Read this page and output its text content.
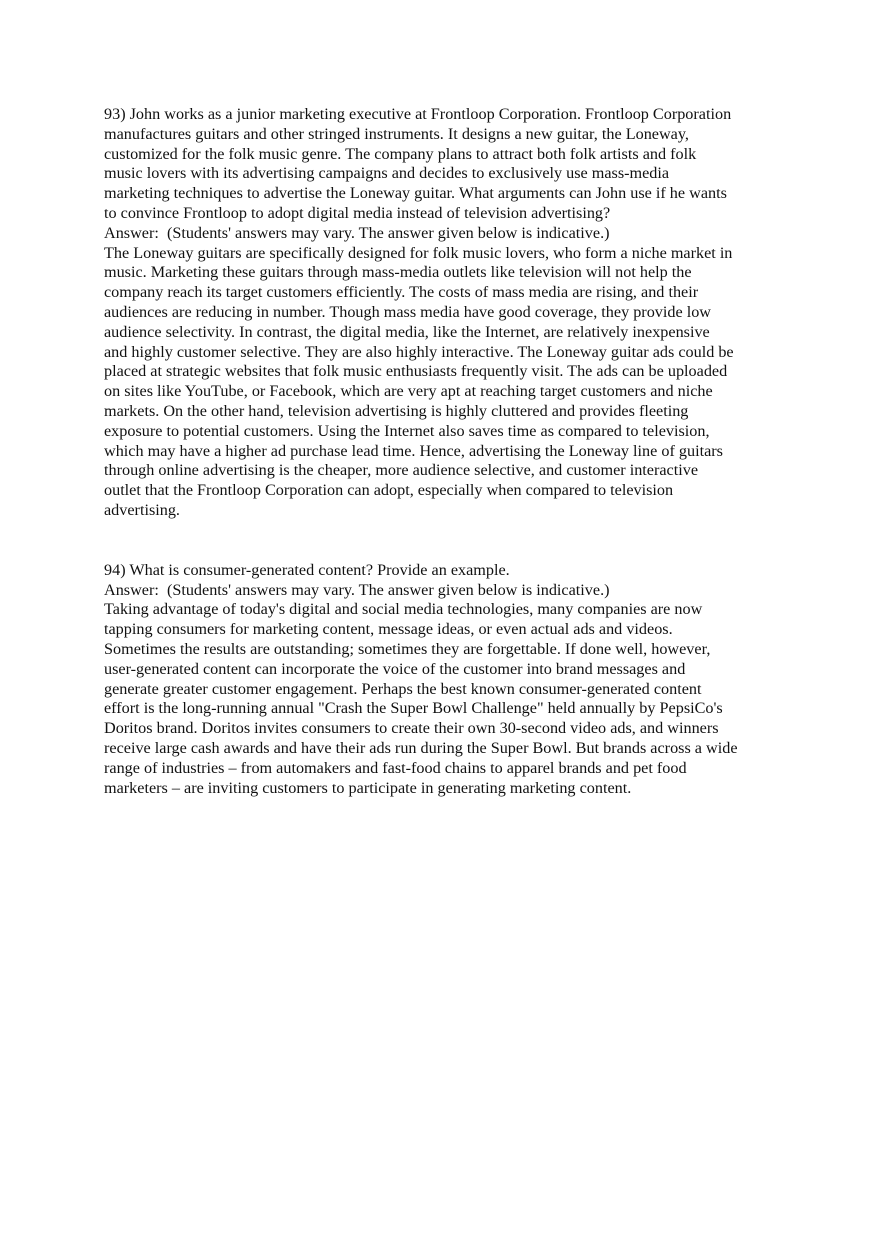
93) John works as a junior marketing executive at Frontloop Corporation. Frontloop Corporation
manufactures guitars and other stringed instruments. It designs a new guitar, the Loneway,
customized for the folk music genre. The company plans to attract both folk artists and folk
music lovers with its advertising campaigns and decides to exclusively use mass-media
marketing techniques to advertise the Loneway guitar. What arguments can John use if he wants
to convince Frontloop to adopt digital media instead of television advertising?
Answer:  (Students' answers may vary. The answer given below is indicative.)
The Loneway guitars are specifically designed for folk music lovers, who form a niche market in
music. Marketing these guitars through mass-media outlets like television will not help the
company reach its target customers efficiently. The costs of mass media are rising, and their
audiences are reducing in number. Though mass media have good coverage, they provide low
audience selectivity. In contrast, the digital media, like the Internet, are relatively inexpensive
and highly customer selective. They are also highly interactive. The Loneway guitar ads could be
placed at strategic websites that folk music enthusiasts frequently visit. The ads can be uploaded
on sites like YouTube, or Facebook, which are very apt at reaching target customers and niche
markets. On the other hand, television advertising is highly cluttered and provides fleeting
exposure to potential customers. Using the Internet also saves time as compared to television,
which may have a higher ad purchase lead time. Hence, advertising the Loneway line of guitars
through online advertising is the cheaper, more audience selective, and customer interactive
outlet that the Frontloop Corporation can adopt, especially when compared to television
advertising.
94) What is consumer-generated content? Provide an example.
Answer:  (Students' answers may vary. The answer given below is indicative.)
Taking advantage of today's digital and social media technologies, many companies are now
tapping consumers for marketing content, message ideas, or even actual ads and videos.
Sometimes the results are outstanding; sometimes they are forgettable. If done well, however,
user-generated content can incorporate the voice of the customer into brand messages and
generate greater customer engagement. Perhaps the best known consumer-generated content
effort is the long-running annual "Crash the Super Bowl Challenge" held annually by PepsiCo's
Doritos brand. Doritos invites consumers to create their own 30-second video ads, and winners
receive large cash awards and have their ads run during the Super Bowl. But brands across a wide
range of industries – from automakers and fast-food chains to apparel brands and pet food
marketers – are inviting customers to participate in generating marketing content.
